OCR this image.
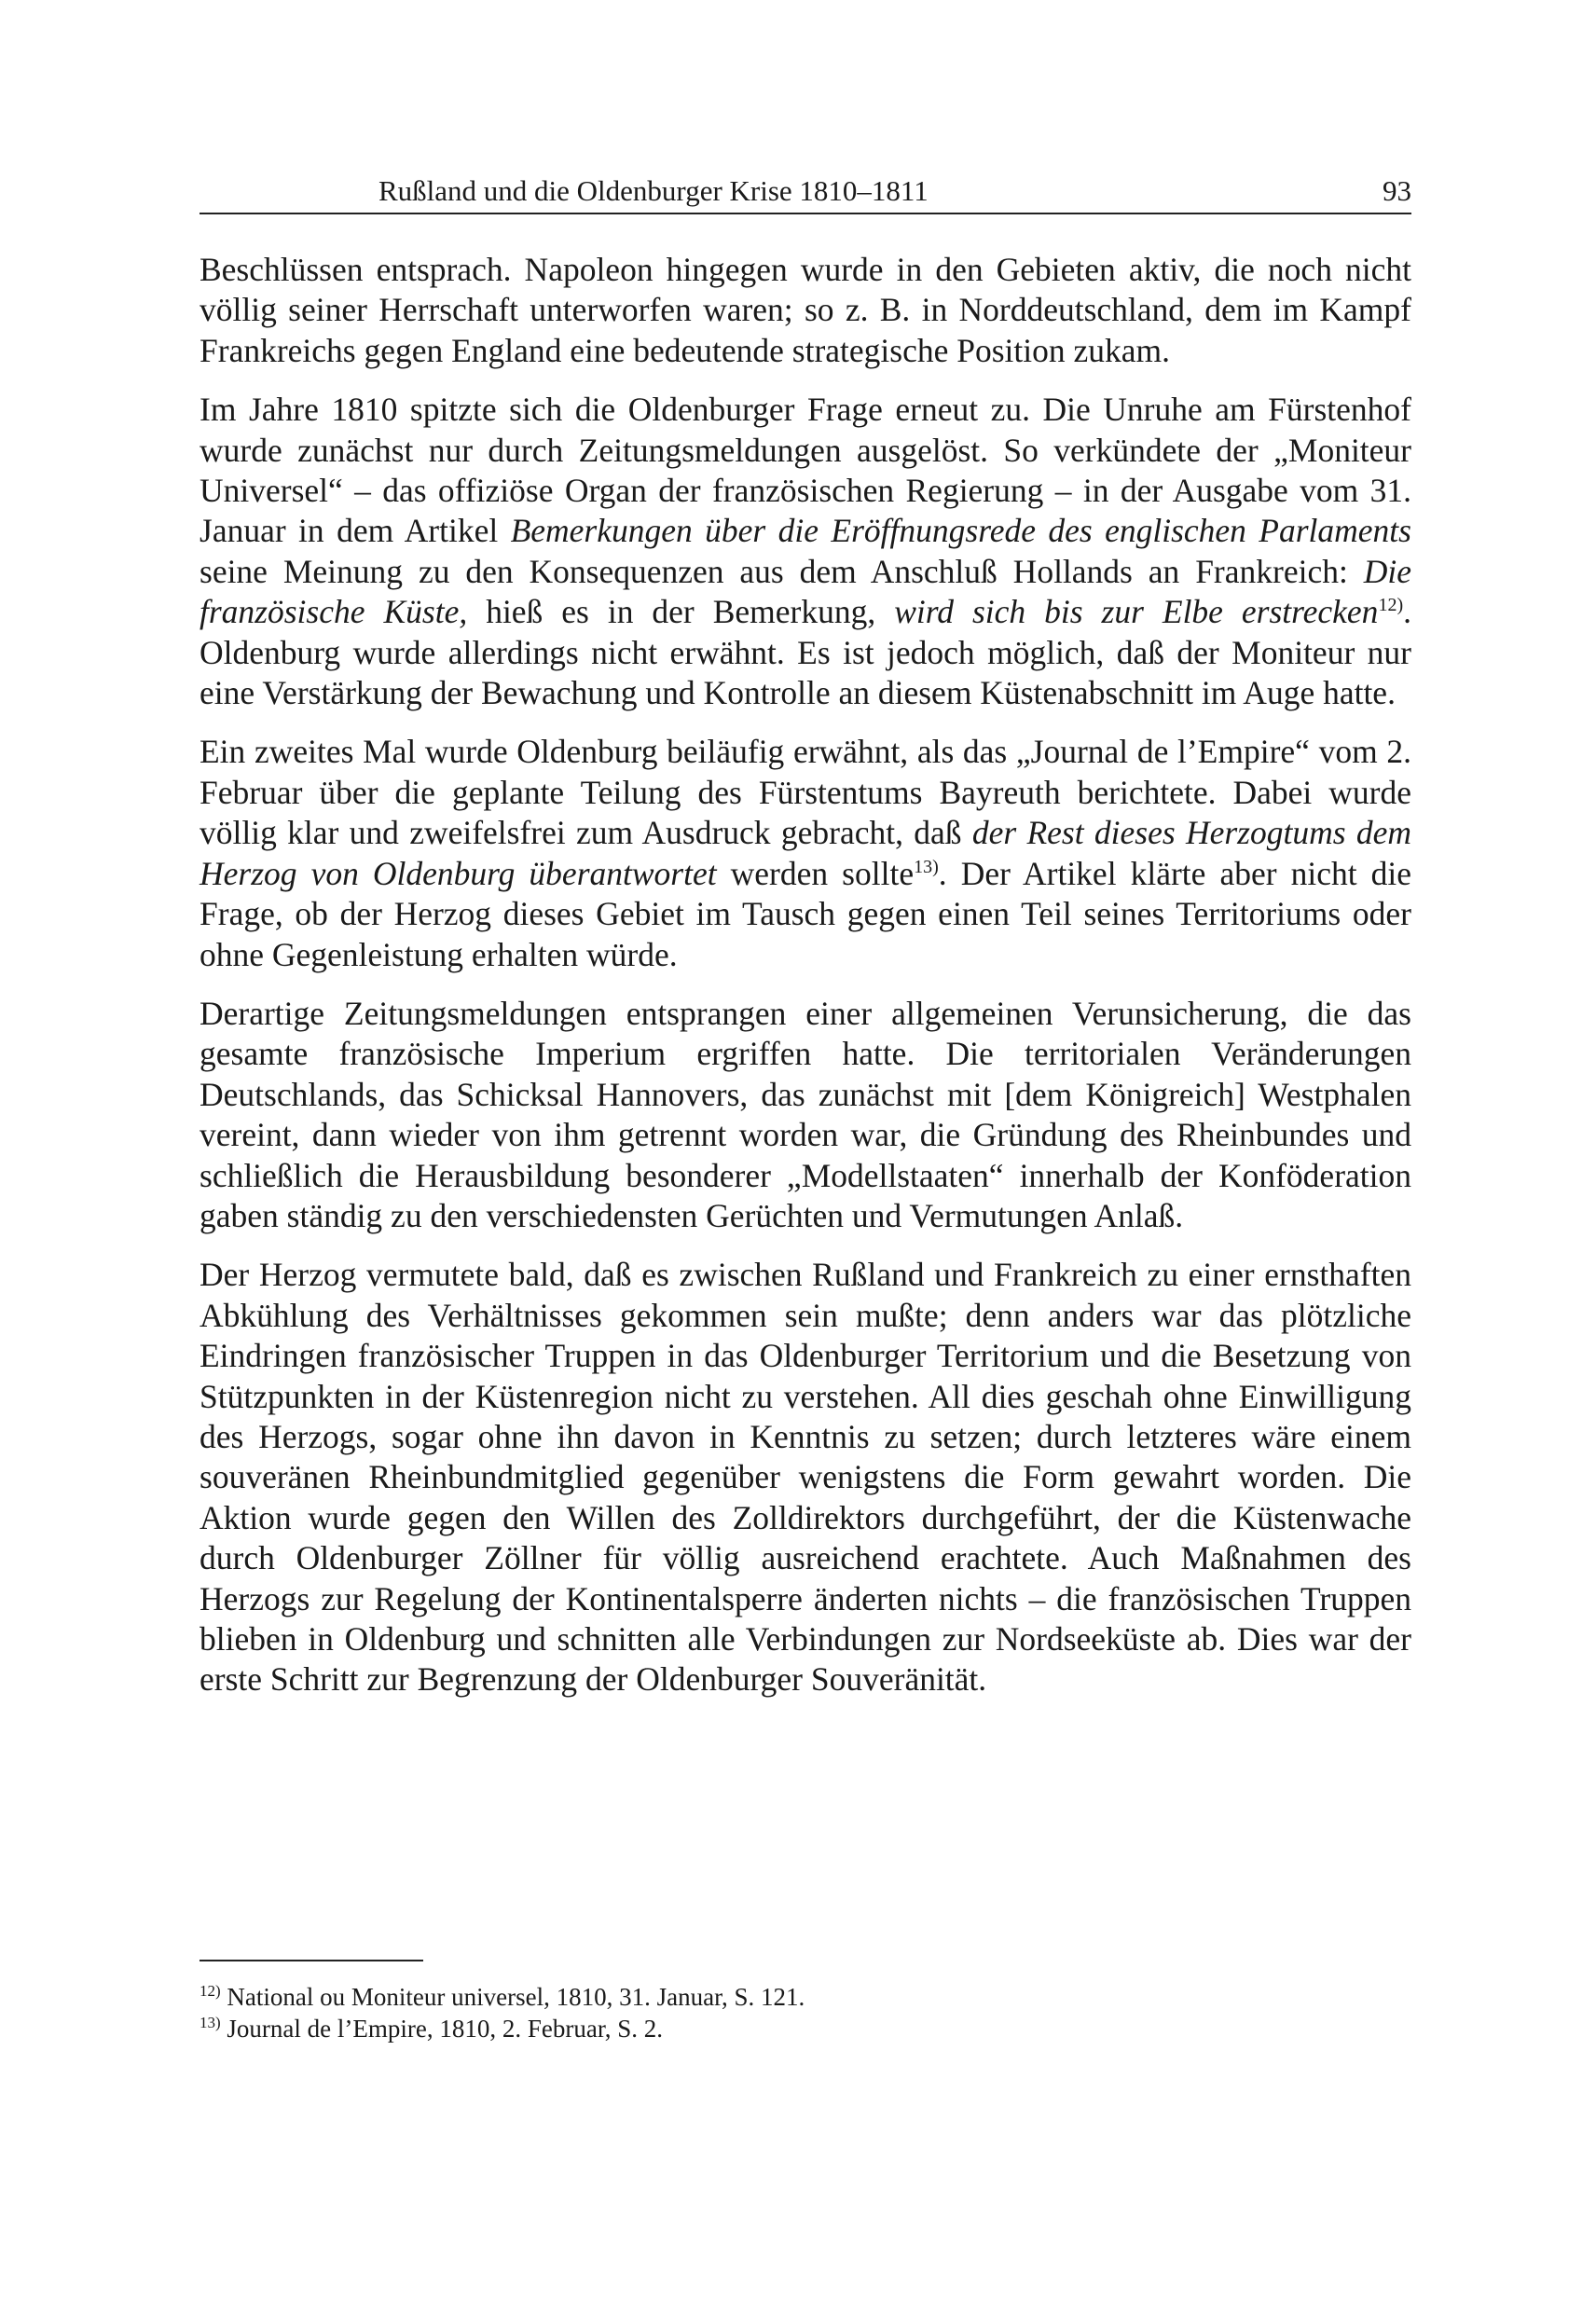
Rußland und die Oldenburger Krise 1810–1811	93

Beschlüssen entsprach. Napoleon hingegen wurde in den Gebieten aktiv, die noch nicht völlig seiner Herrschaft unterworfen waren; so z. B. in Norddeutschland, dem im Kampf Frankreichs gegen England eine bedeutende strategische Position zukam.

Im Jahre 1810 spitzte sich die Oldenburger Frage erneut zu. Die Unruhe am Fürstenhof wurde zunächst nur durch Zeitungsmeldungen ausgelöst. So verkündete der „Moniteur Universel“ – das offiziöse Organ der französischen Regierung – in der Ausgabe vom 31. Januar in dem Artikel Bemerkungen über die Eröffnungsrede des englischen Parlaments seine Meinung zu den Konsequenzen aus dem Anschluß Hollands an Frankreich: Die französische Küste, hieß es in der Bemerkung, wird sich bis zur Elbe erstrecken$^{12)}$. Oldenburg wurde allerdings nicht erwähnt. Es ist jedoch möglich, daß der Moniteur nur eine Verstärkung der Bewachung und Kontrolle an diesem Küstenabschnitt im Auge hatte.

Ein zweites Mal wurde Oldenburg beiläufig erwähnt, als das „Journal de l’Empire“ vom 2. Februar über die geplante Teilung des Fürstentums Bayreuth berichtete. Dabei wurde völlig klar und zweifelsfrei zum Ausdruck gebracht, daß der Rest dieses Herzogtums dem Herzog von Oldenburg überantwortet werden sollte$^{13)}$. Der Artikel klärte aber nicht die Frage, ob der Herzog dieses Gebiet im Tausch gegen einen Teil seines Territoriums oder ohne Gegenleistung erhalten würde.

Derartige Zeitungsmeldungen entsprangen einer allgemeinen Verunsicherung, die das gesamte französische Imperium ergriffen hatte. Die territorialen Veränderungen Deutschlands, das Schicksal Hannovers, das zunächst mit [dem Königreich] Westphalen vereint, dann wieder von ihm getrennt worden war, die Gründung des Rheinbundes und schließlich die Herausbildung besonderer „Modellstaaten“ innerhalb der Konföderation gaben ständig zu den verschiedensten Gerüchten und Vermutungen Anlaß.

Der Herzog vermutete bald, daß es zwischen Rußland und Frankreich zu einer ernsthaften Abkühlung des Verhältnisses gekommen sein mußte; denn anders war das plötzliche Eindringen französischer Truppen in das Oldenburger Territorium und die Besetzung von Stützpunkten in der Küstenregion nicht zu verstehen. All dies geschah ohne Einwilligung des Herzogs, sogar ohne ihn davon in Kenntnis zu setzen; durch letzteres wäre einem souveränen Rheinbundmitglied gegenüber wenigstens die Form gewahrt worden. Die Aktion wurde gegen den Willen des Zolldirektors durchgeführt, der die Küstenwache durch Oldenburger Zöllner für völlig ausreichend erachtete. Auch Maßnahmen des Herzogs zur Regelung der Kontinentalsperre änderten nichts – die französischen Truppen blieben in Oldenburg und schnitten alle Verbindungen zur Nordseeküste ab. Dies war der erste Schritt zur Begrenzung der Oldenburger Souveränität.

$^{12)}$ National ou Moniteur universel, 1810, 31. Januar, S. 121.
$^{13)}$ Journal de l’Empire, 1810, 2. Februar, S. 2.
